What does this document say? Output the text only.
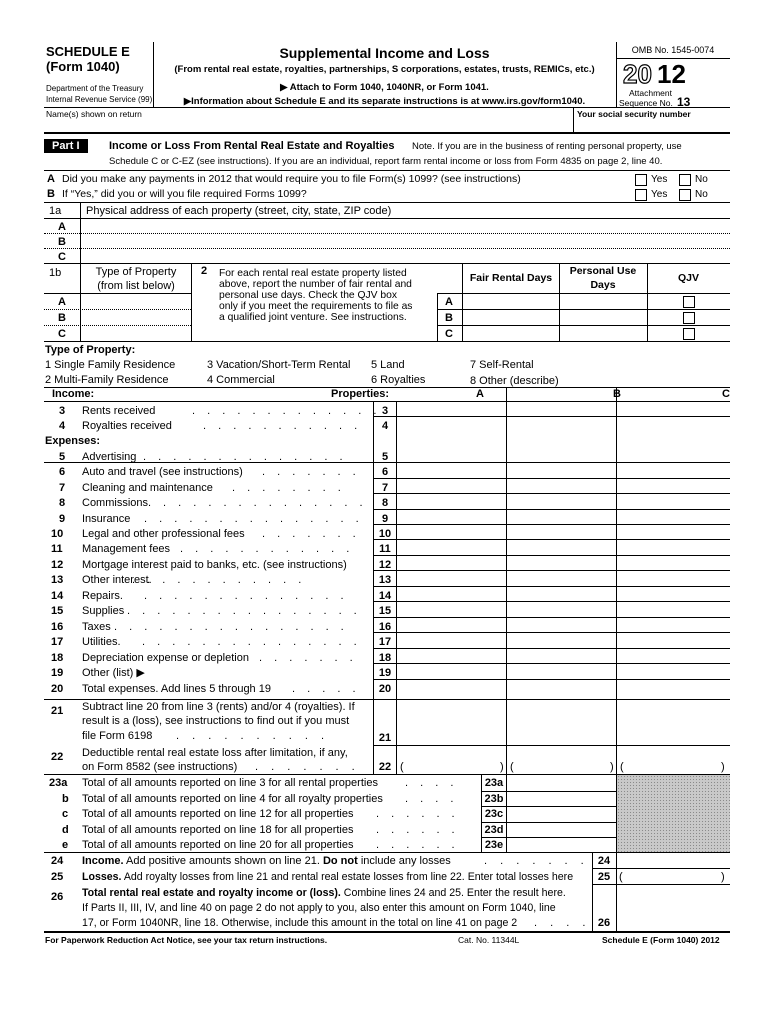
SCHEDULE E
(Form 1040)
Department of the Treasury
Internal Revenue Service (99)
Supplemental Income and Loss
(From rental real estate, royalties, partnerships, S corporations, estates, trusts, REMICs, etc.)
▶ Attach to Form 1040, 1040NR, or Form 1041.
▶Information about Schedule E and its separate instructions is at www.irs.gov/form1040.
OMB No. 1545-0074
20 12
Attachment
Sequence No. 13
Name(s) shown on return	Your social security number
Part I	Income or Loss From Rental Real Estate and Royalties Note. If you are in the business of renting personal property, use
Schedule C or C-EZ (see instructions). If you are an individual, report farm rental income or loss from Form 4835 on page 2, line 40.
A Did you make any payments in 2012 that would require you to file Form(s) 1099? (see instructions)	Yes	No
B If “Yes,” did you or will you file required Forms 1099?	Yes	No
1a Physical address of each property (street, city, state, ZIP code)
A
B
C
1b	Type of Property
(from list below)
2 For each rental real estate property listed
above, report the number of fair rental and
personal use days. Check the QJV box
only if you meet the requirements to file as
a qualified joint venture. See instructions.
Fair Rental Days
Personal Use
Days
QJV
A	A
B	B
C	C
Type of Property:
1 Single Family Residence
2 Multi-Family Residence
3 Vacation/Short-Term Rental
4 Commercial
5 Land
6 Royalties
7 Self-Rental
8 Other (describe)
Income:	Properties:	A	B	C
3 Rents received	3
4 Royalties received	4
. . . . . . . . . . . . .
. . . . . . . . . . .
Expenses:
5 Advertising	5
6 Auto and travel (see instructions)	6
7 Cleaning and maintenance	7
8 Commissions.	8
9 Insurance	9
10 Legal and other professional fees	10
11 Management fees	11
12 Mortgage interest paid to banks, etc. (see instructions)	12
13 Other interest.	13
14 Repairs.	14
15 Supplies	15
16 Taxes	16
17 Utilities.	17
18 Depreciation expense or depletion	18
19 Other (list) ▶	19
20 Total expenses. Add lines 5 through 19	20
. . . . . . . . . . . . . .
. . . . . . .
. . . . . . . .
. . . . . . . . . . . . . .
. . . . . . . . . . . . . . .
. . . . . . .
. . . . . . . . . . . .
. . . . . . . . . . . .
. . . . . . . . . . . . . .
. . . . . . . . . . . . . . . .
. . . . . . . . . . . . . . . .
. . . . . . . . . . . . . . .
. . . . . . .
. . . . .
21 Subtract line 20 from line 3 (rents) and/or 4 (royalties). If
result is a (loss), see instructions to find out if you must
file Form 6198 . . . . . . . . . .	21
22 Deductible rental real estate loss after limitation, if any,
on Form 8582 (see instructions) . . . . . . .	22 (	) (	) (	)
23a Total of all amounts reported on line 3 for all rental properties	23a
b Total of all amounts reported on line 4 for all royalty properties	23b
c Total of all amounts reported on line 12 for all properties	23c
d Total of all amounts reported on line 18 for all properties	23d
e Total of all amounts reported on line 20 for all properties	23e
. . . .
. . . .
. . . . . .
. . . . . .
. . . . . .
24 Income. Add positive amounts shown on line 21. Do not include any losses	. . . . . . . 24
25 Losses. Add royalty losses from line 21 and rental real estate losses from line 22. Enter total losses here	25 (	)
26 Total rental real estate and royalty income or (loss). Combine lines 24 and 25. Enter the result here.
If Parts II, III, IV, and line 40 on page 2 do not apply to you, also enter this amount on Form 1040, line
17, or Form 1040NR, line 18. Otherwise, include this amount in the total on line 41 on page 2 . . . . 26
For Paperwork Reduction Act Notice, see your tax return instructions.	Cat. No. 11344L	Schedule E (Form 1040) 2012
